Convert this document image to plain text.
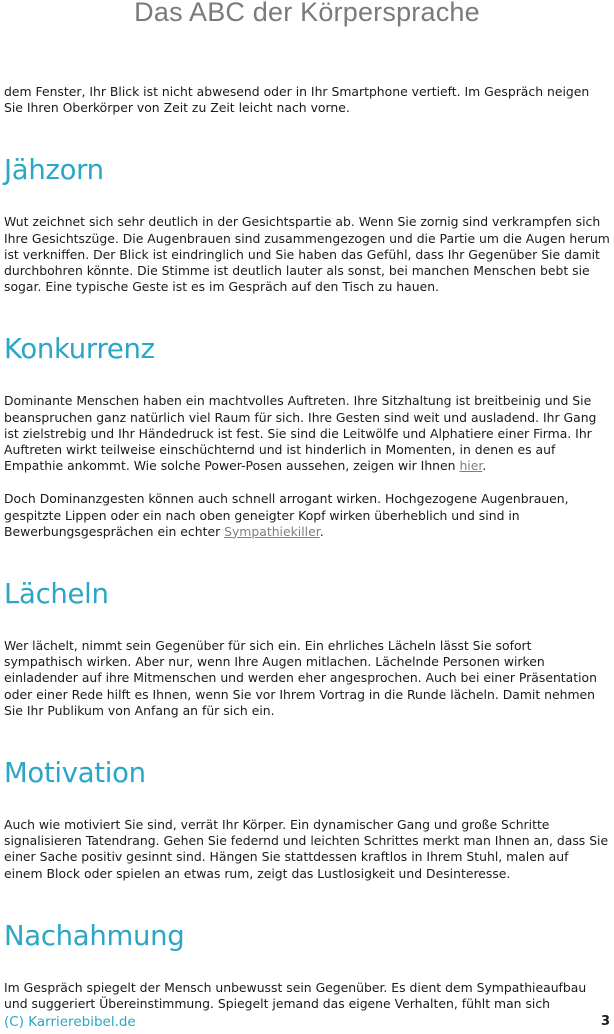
Das ABC der Körpersprache

dem Fenster, Ihr Blick ist nicht abwesend oder in Ihr Smartphone vertieft. Im Gespräch neigen Sie Ihren Oberkörper von Zeit zu Zeit leicht nach vorne.

Jähzorn

Wut zeichnet sich sehr deutlich in der Gesichtspartie ab. Wenn Sie zornig sind verkrampfen sich Ihre Gesichtszüge. Die Augenbrauen sind zusammengezogen und die Partie um die Augen herum ist verkniffen. Der Blick ist eindringlich und Sie haben das Gefühl, dass Ihr Gegenüber Sie damit durchbohren könnte. Die Stimme ist deutlich lauter als sonst, bei manchen Menschen bebt sie sogar. Eine typische Geste ist es im Gespräch auf den Tisch zu hauen.

Konkurrenz

Dominante Menschen haben ein machtvolles Auftreten. Ihre Sitzhaltung ist breitbeinig und Sie beanspruchen ganz natürlich viel Raum für sich. Ihre Gesten sind weit und ausladend. Ihr Gang ist zielstrebig und Ihr Händedruck ist fest. Sie sind die Leitwölfe und Alphatiere einer Firma. Ihr Auftreten wirkt teilweise einschüchternd und ist hinderlich in Momenten, in denen es auf Empathie ankommt. Wie solche Power-Posen aussehen, zeigen wir Ihnen hier.

Doch Dominanzgesten können auch schnell arrogant wirken. Hochgezogene Augenbrauen, gespitzte Lippen oder ein nach oben geneigter Kopf wirken überheblich und sind in Bewerbungsgesprächen ein echter Sympathiekiller.

Lächeln

Wer lächelt, nimmt sein Gegenüber für sich ein. Ein ehrliches Lächeln lässt Sie sofort sympathisch wirken. Aber nur, wenn Ihre Augen mitlachen. Lächelnde Personen wirken einladender auf ihre Mitmenschen und werden eher angesprochen. Auch bei einer Präsentation oder einer Rede hilft es Ihnen, wenn Sie vor Ihrem Vortrag in die Runde lächeln. Damit nehmen Sie Ihr Publikum von Anfang an für sich ein.

Motivation

Auch wie motiviert Sie sind, verrät Ihr Körper. Ein dynamischer Gang und große Schritte signalisieren Tatendrang. Gehen Sie federnd und leichten Schrittes merkt man Ihnen an, dass Sie einer Sache positiv gesinnt sind. Hängen Sie stattdessen kraftlos in Ihrem Stuhl, malen auf einem Block oder spielen an etwas rum, zeigt das Lustlosigkeit und Desinteresse.

Nachahmung

Im Gespräch spiegelt der Mensch unbewusst sein Gegenüber. Es dient dem Sympathieaufbau und suggeriert Übereinstimmung. Spiegelt jemand das eigene Verhalten, fühlt man sich

(C) Karrierebibel.de	3
